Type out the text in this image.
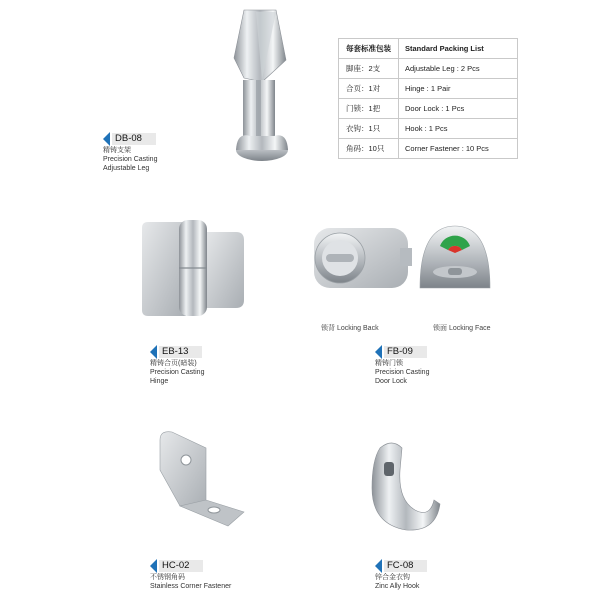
每套标准包装	Standard Packing List
脚座：2支	Adjustable Leg : 2 Pcs
合页：1对	Hinge : 1 Pair
门锁：1把	Door Lock : 1 Pcs
衣钩：1只	Hook : 1 Pcs
角码：10只	Corner Fastener : 10 Pcs
DB-08
精铸支架
Precision Casting
Adjustable Leg
EB-13
精铸合页(暗装)
Precision Casting
Hinge
锁背 Locking Back	锁面 Locking Face
FB-09
精铸门锁
Precision Casting
Door Lock
HC-02
不锈钢角码
Stainless Corner Fastener
FC-08
锌合金衣钩
Zinc Ally Hook
